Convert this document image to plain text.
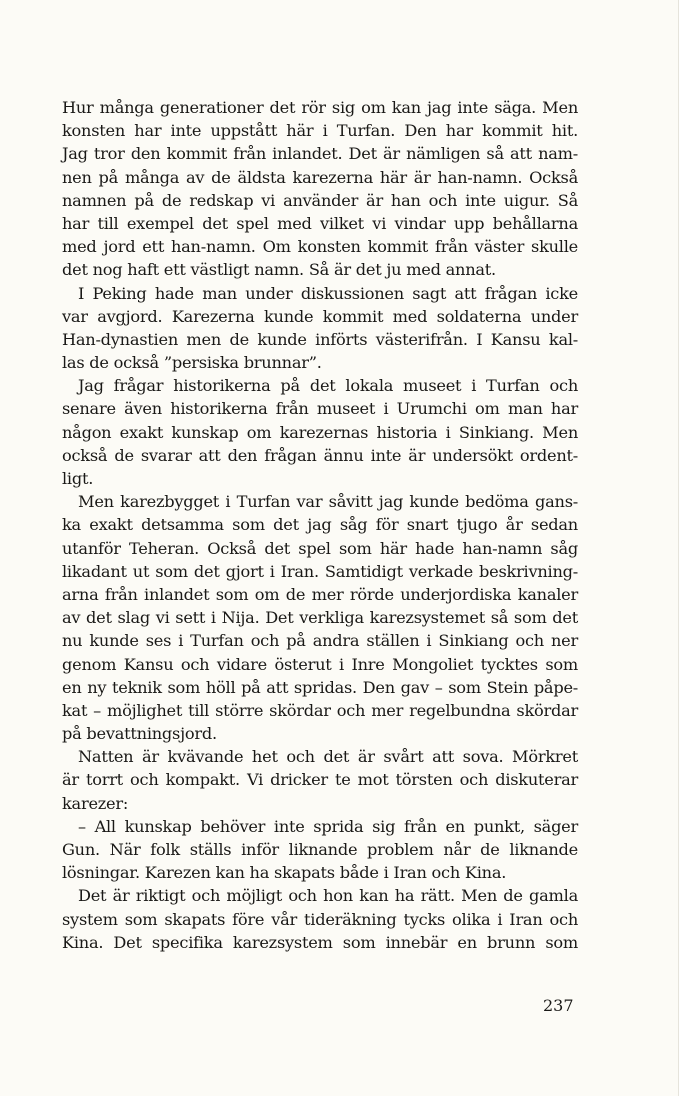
Hur många generationer det rör sig om kan jag inte säga. Men
konsten har inte uppstått här i Turfan. Den har kommit hit.
Jag tror den kommit från inlandet. Det är nämligen så att nam-
nen på många av de äldsta karezerna här är han-namn. Också
namnen på de redskap vi använder är han och inte uigur. Så
har till exempel det spel med vilket vi vindar upp behållarna
med jord ett han-namn. Om konsten kommit från väster skulle
det nog haft ett västligt namn. Så är det ju med annat.
I Peking hade man under diskussionen sagt att frågan icke
var avgjord. Karezerna kunde kommit med soldaterna under
Han-dynastien men de kunde införts västerifrån. I Kansu kal-
las de också ”persiska brunnar”.
Jag frågar historikerna på det lokala museet i Turfan och
senare även historikerna från museet i Urumchi om man har
någon exakt kunskap om karezernas historia i Sinkiang. Men
också de svarar att den frågan ännu inte är undersökt ordent-
ligt.
Men karezbygget i Turfan var såvitt jag kunde bedöma gans-
ka exakt detsamma som det jag såg för snart tjugo år sedan
utanför Teheran. Också det spel som här hade han-namn såg
likadant ut som det gjort i Iran. Samtidigt verkade beskrivning-
arna från inlandet som om de mer rörde underjordiska kanaler
av det slag vi sett i Nija. Det verkliga karezsystemet så som det
nu kunde ses i Turfan och på andra ställen i Sinkiang och ner
genom Kansu och vidare österut i Inre Mongoliet tycktes som
en ny teknik som höll på att spridas. Den gav – som Stein påpe-
kat – möjlighet till större skördar och mer regelbundna skördar
på bevattningsjord.
Natten är kvävande het och det är svårt att sova. Mörkret
är torrt och kompakt. Vi dricker te mot törsten och diskuterar
karezer:
– All kunskap behöver inte sprida sig från en punkt, säger
Gun. När folk ställs inför liknande problem når de liknande
lösningar. Karezen kan ha skapats både i Iran och Kina.
Det är riktigt och möjligt och hon kan ha rätt. Men de gamla
system som skapats före vår tideräkning tycks olika i Iran och
Kina. Det specifika karezsystem som innebär en brunn som
237
